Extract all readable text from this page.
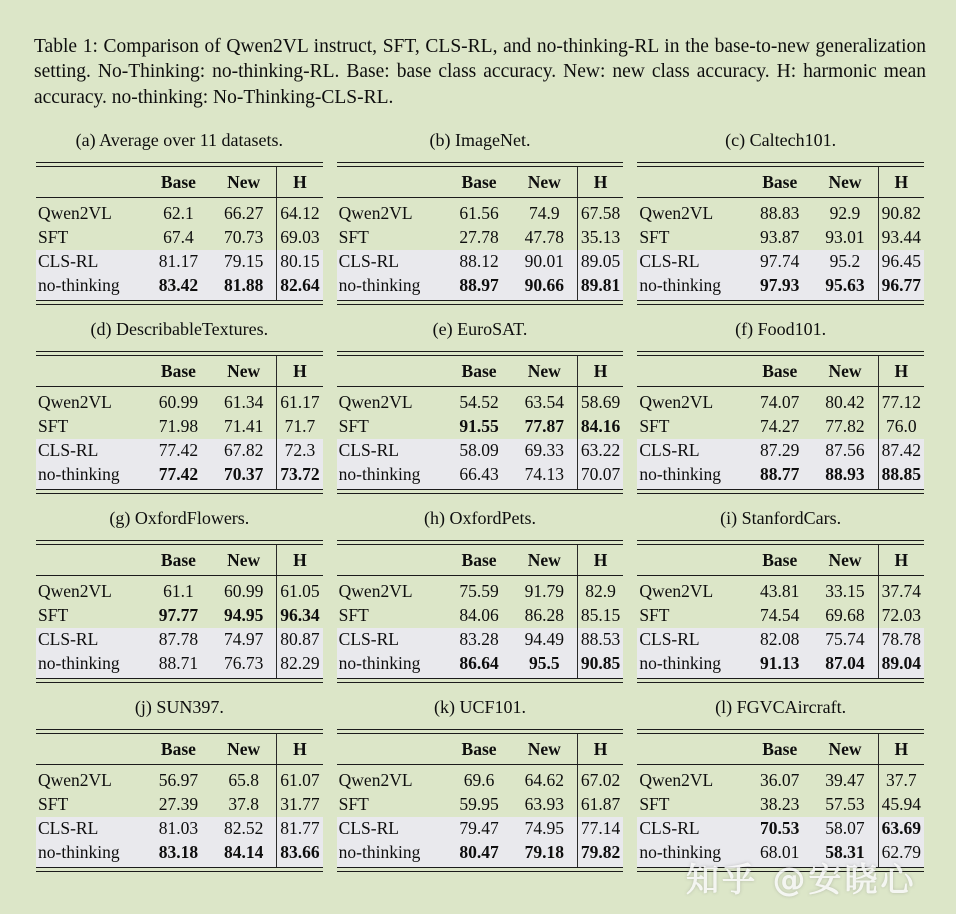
Table 1: Comparison of Qwen2VL instruct, SFT, CLS-RL, and no-thinking-RL in the base-to-new generalization setting. No-Thinking: no-thinking-RL. Base: base class accuracy. New: new class accuracy. H: harmonic mean accuracy. no-thinking: No-Thinking-CLS-RL.

(a) Average over 11 datasets.
	Base	New	H
Qwen2VL	62.1	66.27	64.12
SFT	67.4	70.73	69.03
CLS-RL	81.17	79.15	80.15
no-thinking	83.42	81.88	82.64
(b) ImageNet.
	Base	New	H
Qwen2VL	61.56	74.9	67.58
SFT	27.78	47.78	35.13
CLS-RL	88.12	90.01	89.05
no-thinking	88.97	90.66	89.81
(c) Caltech101.
	Base	New	H
Qwen2VL	88.83	92.9	90.82
SFT	93.87	93.01	93.44
CLS-RL	97.74	95.2	96.45
no-thinking	97.93	95.63	96.77
(d) DescribableTextures.
	Base	New	H
Qwen2VL	60.99	61.34	61.17
SFT	71.98	71.41	71.7
CLS-RL	77.42	67.82	72.3
no-thinking	77.42	70.37	73.72
(e) EuroSAT.
	Base	New	H
Qwen2VL	54.52	63.54	58.69
SFT	91.55	77.87	84.16
CLS-RL	58.09	69.33	63.22
no-thinking	66.43	74.13	70.07
(f) Food101.
	Base	New	H
Qwen2VL	74.07	80.42	77.12
SFT	74.27	77.82	76.0
CLS-RL	87.29	87.56	87.42
no-thinking	88.77	88.93	88.85
(g) OxfordFlowers.
	Base	New	H
Qwen2VL	61.1	60.99	61.05
SFT	97.77	94.95	96.34
CLS-RL	87.78	74.97	80.87
no-thinking	88.71	76.73	82.29
(h) OxfordPets.
	Base	New	H
Qwen2VL	75.59	91.79	82.9
SFT	84.06	86.28	85.15
CLS-RL	83.28	94.49	88.53
no-thinking	86.64	95.5	90.85
(i) StanfordCars.
	Base	New	H
Qwen2VL	43.81	33.15	37.74
SFT	74.54	69.68	72.03
CLS-RL	82.08	75.74	78.78
no-thinking	91.13	87.04	89.04
(j) SUN397.
	Base	New	H
Qwen2VL	56.97	65.8	61.07
SFT	27.39	37.8	31.77
CLS-RL	81.03	82.52	81.77
no-thinking	83.18	84.14	83.66
(k) UCF101.
	Base	New	H
Qwen2VL	69.6	64.62	67.02
SFT	59.95	63.93	61.87
CLS-RL	79.47	74.95	77.14
no-thinking	80.47	79.18	79.82
(l) FGVCAircraft.
	Base	New	H
Qwen2VL	36.07	39.47	37.7
SFT	38.23	57.53	45.94
CLS-RL	70.53	58.07	63.69
no-thinking	68.01	58.31	62.79
知乎 @安晓心
